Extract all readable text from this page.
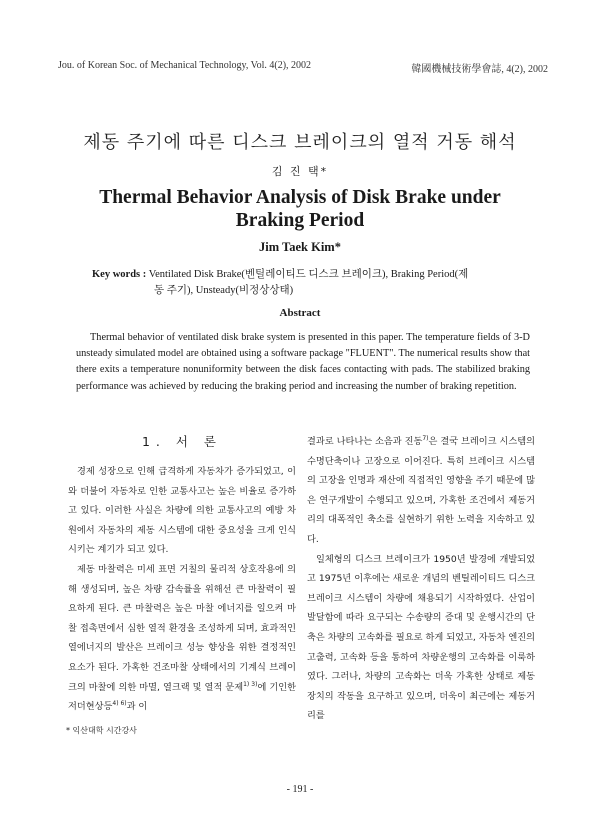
Jou. of Korean Soc. of Mechanical Technology, Vol. 4(2), 2002	韓國機械技術學會誌, 4(2), 2002
제동 주기에 따른 디스크 브레이크의 열적 거동 해석
김 진 택*
Thermal Behavior Analysis of Disk Brake under
Braking Period
Jim Taek Kim*
Key words : Ventilated Disk Brake(벤틸레이티드 디스크 브레이크), Braking Period(제
동 주기), Unsteady(비정상상태)
Abstract

Thermal behavior of ventilated disk brake system is presented in this paper. The temperature fields of 3-D unsteady simulated model are obtained using a software package "FLUENT". The numerical results show that there exits a temperature nonuniformity between the disk faces contacting with pads. The stabilized braking performance was achieved by reducing the braking period and increasing the number of braking repetition.

1. 서 론

경제 성장으로 인해 급격하게 자동차가 증가되었고, 이와 더불어 자동차로 인한 교통사고는 높은 비율로 증가하고 있다. 이러한 사실은 차량에 의한 교통사고의 예방 차원에서 자동차의 제동 시스템에 대한 중요성을 크게 인식시키는 계기가 되고 있다.

제동 마찰력은 미세 표면 거칠의 물리적 상호작용에 의해 생성되며, 높은 차량 감속률을 위해선 큰 마찰력이 필요하게 된다. 큰 마찰력은 높은 마찰 에너지를 일으켜 마찰 접촉면에서 심한 열적 환경을 조성하게 되며, 효과적인 열에너지의 발산은 브레이크 성능 향상을 위한 결정적인 요소가 된다. 가혹한 건조마찰 상태에서의 기계식 브레이크의 마찰에 의한 마멸, 열크랙 및 열적 문제$^{1) 3)}$에 기인한 저더현상등$^{4) 6)}$과 이

결과로 나타나는 소음과 진동$^{7)}$은 결국 브레이크 시스템의 수명단축이나 고장으로 이어진다. 특히 브레이크 시스템의 고장을 인명과 재산에 직접적인 영향을 주기 때문에 많은 연구개발이 수행되고 있으며, 가혹한 조건에서 제동거리의 대폭적인 축소를 실현하기 위한 노력을 지속하고 있다.

일체형의 디스크 브레이크가 1950년 발경에 개발되었고 1975년 이후에는 새로운 개념의 벤틸레이티드 디스크 브레이크 시스템이 차량에 채용되기 시작하였다. 산업이 발달함에 따라 요구되는 수송량의 증대 및 운행시간의 단축은 차량의 고속화를 필요로 하게 되었고, 자동차 엔진의 고출력, 고속화 등을 통하여 차량운행의 고속화를 이룩하였다. 그러나, 차량의 고속화는 더욱 가혹한 상태로 제동장치의 작동을 요구하고 있으며, 더욱이 최근에는 제동거리를

* 익산대학 시간강사
- 191 -
